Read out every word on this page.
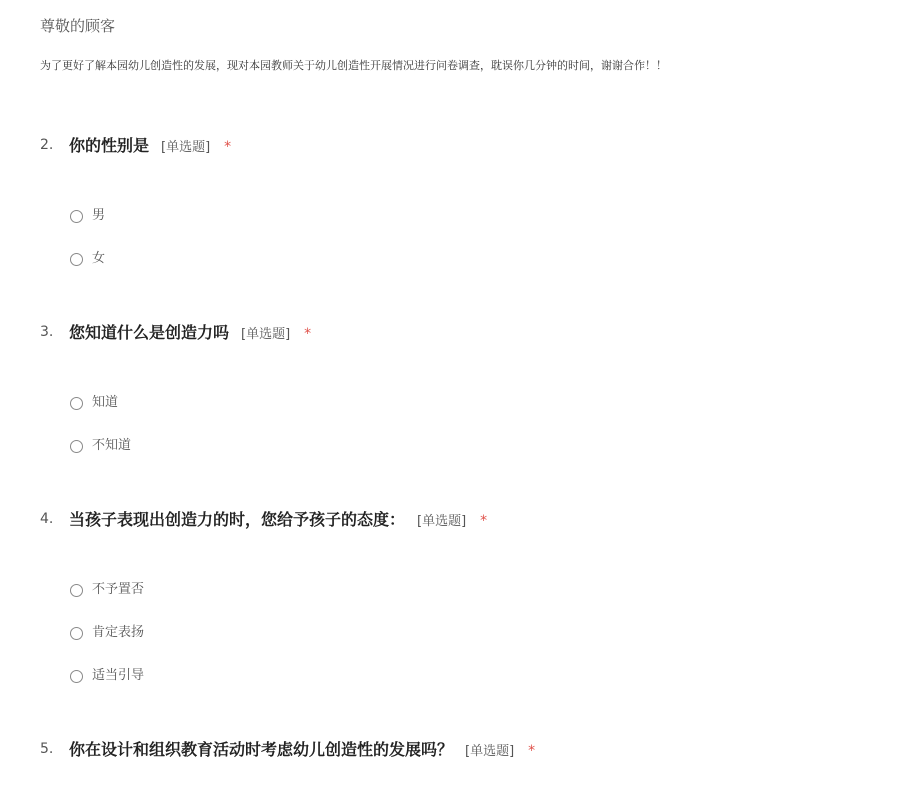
尊敬的顾客
为了更好了解本园幼儿创造性的发展，现对本园教师关于幼儿创造性开展情况进行问卷调查，耽误你几分钟的时间，谢谢合作！！
2. 你的性别是 [单选题] *
男
女
3. 您知道什么是创造力吗 [单选题] *
知道
不知道
4. 当孩子表现出创造力的时，您给予孩子的态度： [单选题] *
不予置否
肯定表扬
适当引导
5. 你在设计和组织教育活动时考虑幼儿创造性的发展吗？ [单选题] *
